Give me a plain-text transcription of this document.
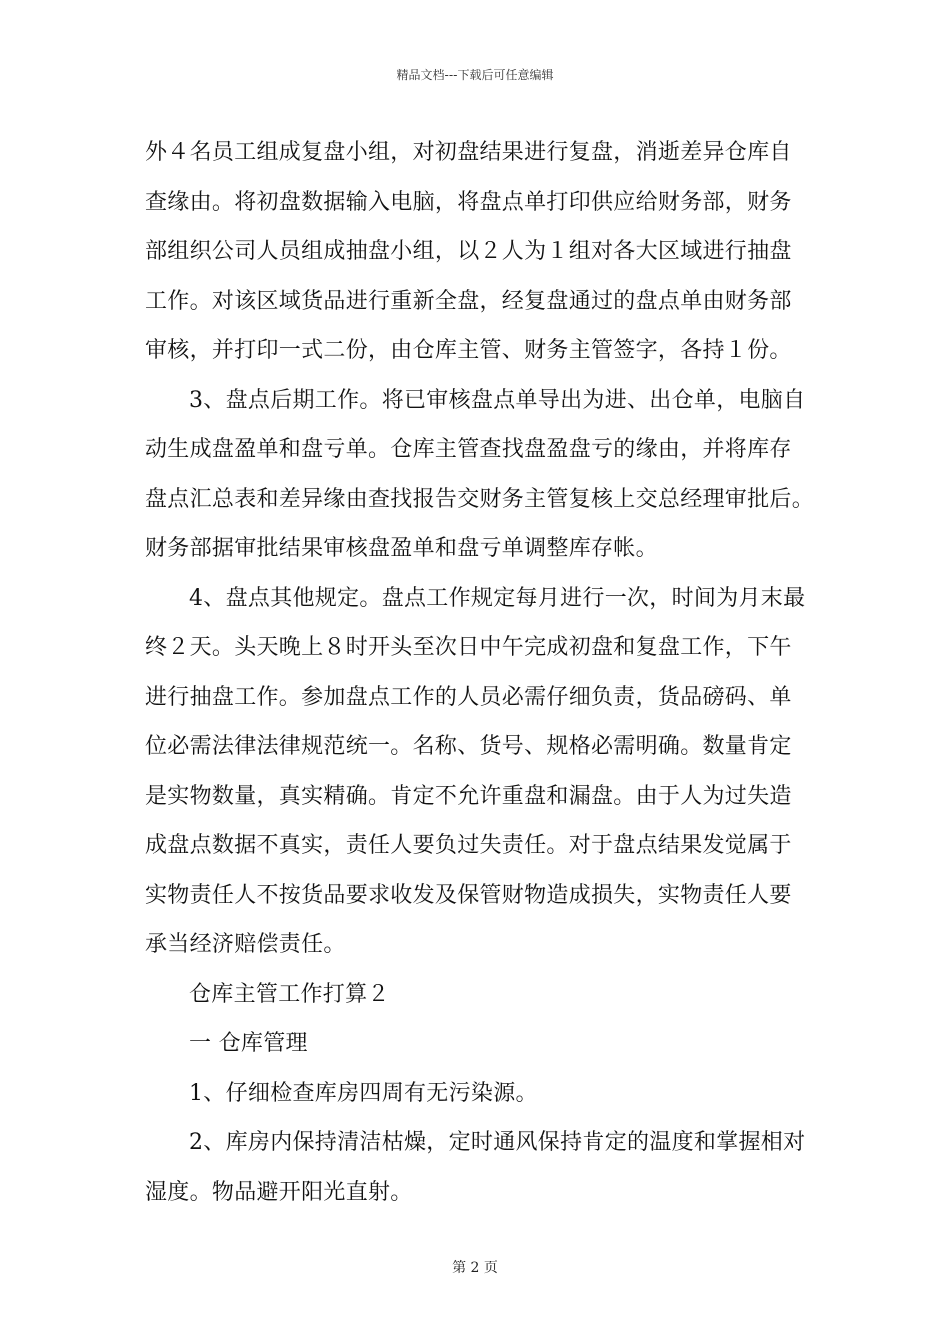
精品文档---下载后可任意编辑
外４名员工组成复盘小组，对初盘结果进行复盘，消逝差异仓库自
查缘由。将初盘数据输入电脑，将盘点单打印供应给财务部，财务
部组织公司人员组成抽盘小组，以２人为１组对各大区域进行抽盘
工作。对该区域货品进行重新全盘，经复盘通过的盘点单由财务部
审核，并打印一式二份，由仓库主管、财务主管签字，各持１份。
3、盘点后期工作。将已审核盘点单导出为进、出仓单，电脑自
动生成盘盈单和盘亏单。仓库主管查找盘盈盘亏的缘由，并将库存
盘点汇总表和差异缘由查找报告交财务主管复核上交总经理审批后。
财务部据审批结果审核盘盈单和盘亏单调整库存帐。
4、盘点其他规定。盘点工作规定每月进行一次，时间为月末最
终２天。头天晚上８时开头至次日中午完成初盘和复盘工作，下午
进行抽盘工作。参加盘点工作的人员必需仔细负责，货品磅码、单
位必需法律法律规范统一。名称、货号、规格必需明确。数量肯定
是实物数量，真实精确。肯定不允许重盘和漏盘。由于人为过失造
成盘点数据不真实，责任人要负过失责任。对于盘点结果发觉属于
实物责任人不按货品要求收发及保管财物造成损失，实物责任人要
承当经济赔偿责任。
仓库主管工作打算２
一 仓库管理
1、仔细检查库房四周有无污染源。
2、库房内保持清洁枯燥，定时通风保持肯定的温度和掌握相对
湿度。物品避开阳光直射。
第 2 页
